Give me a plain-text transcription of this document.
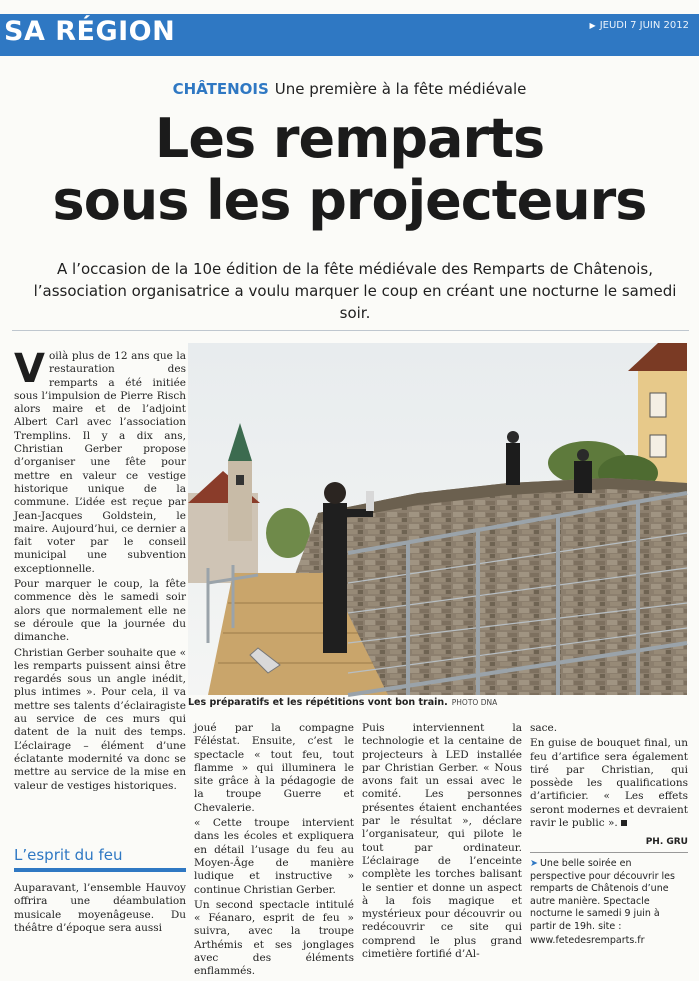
SA RÉGION	▶ JEUDI 7 JUIN 2012
CHÂTENOIS Une première à la fête médiévale
Les remparts
sous les projecteurs
A l’occasion de la 10e édition de la fête médiévale des Remparts de Châtenois, l’association organisatrice a voulu marquer le coup en créant une nocturne le samedi soir.
V oilà plus de 12 ans que la restauration des remparts a été initiée sous l’impulsion de Pierre Risch alors maire et de l’adjoint Albert Carl avec l’association Tremplins. Il y a dix ans, Christian Gerber propose d’organiser une fête pour mettre en valeur ce vestige historique unique de la commune. L’idée est reçue par Jean-Jacques Goldstein, le maire. Aujourd’hui, ce dernier a fait voter par le conseil municipal une subvention exceptionnelle.

Pour marquer le coup, la fête commence dès le samedi soir alors que normalement elle ne se déroule que la journée du dimanche.

Christian Gerber souhaite que « les remparts puissent ainsi être regardés sous un angle inédit, plus intimes ». Pour cela, il va mettre ses talents d’éclairagiste au service de ces murs qui datent de la nuit des temps. L’éclairage – élément d’une éclatante modernité va donc se mettre au service de la mise en valeur de vestiges historiques.

Les préparatifs et les répétitions vont bon train. PHOTO DNA

joué par la compagne Féléstat. Ensuite, c’est le spectacle « tout feu, tout flamme » qui illuminera le site grâce à la pédagogie de la troupe Guerre et Chevalerie.

« Cette troupe intervient dans les écoles et expliquera en détail l’usage du feu au Moyen-Âge de manière ludique et instructive » continue Christian Gerber.

Un second spectacle intitulé « Féanaro, esprit de feu » suivra, avec la troupe Arthémis et ses jonglages avec des éléments enflammés.

Puis interviennent la technologie et la centaine de projecteurs à LED installée par Christian Gerber. « Nous avons fait un essai avec le comité. Les personnes présentes étaient enchantées par le résultat », déclare l’organisateur, qui pilote le tout par ordinateur. L’éclairage de l’enceinte complète les torches balisant le sentier et donne un aspect à la fois magique et mystérieux pour découvrir ou redécouvrir ce site qui comprend le plus grand cimetière fortifié d’Al-

sace.

En guise de bouquet final, un feu d’artifice sera également tiré par Christian, qui possède les qualifications d’artificier. « Les effets seront modernes et devraient ravir le public ».

PH. GRU
➤ Une belle soirée en perspective pour découvrir les remparts de Châtenois d’une autre manière. Spectacle nocturne le samedi 9 juin à partir de 19h. site :
www.fetedesremparts.fr
L’esprit du feu

Auparavant, l’ensemble Hauvoy offrira une déambulation musicale moyenâgeuse. Du théâtre d’époque sera aussi
